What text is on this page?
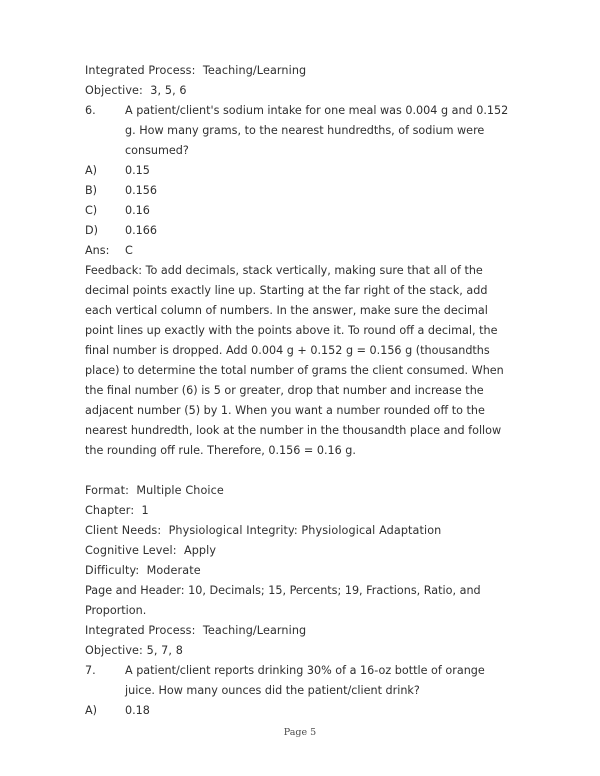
Integrated Process:  Teaching/Learning
Objective:  3, 5, 6
6.	A patient/client's sodium intake for one meal was 0.004 g and 0.152 g. How many grams, to the nearest hundredths, of sodium were consumed?
A)	0.15
B)	0.156
C)	0.16
D)	0.166
Ans:	C

Feedback: To add decimals, stack vertically, making sure that all of the decimal points exactly line up. Starting at the far right of the stack, add each vertical column of numbers. In the answer, make sure the decimal point lines up exactly with the points above it. To round off a decimal, the final number is dropped. Add 0.004 g + 0.152 g = 0.156 g (thousandths place) to determine the total number of grams the client consumed. When the final number (6) is 5 or greater, drop that number and increase the adjacent number (5) by 1. When you want a number rounded off to the nearest hundredth, look at the number in the thousandth place and follow the rounding off rule. Therefore, 0.156 = 0.16 g.

Format:  Multiple Choice
Chapter:  1
Client Needs:  Physiological Integrity: Physiological Adaptation
Cognitive Level:  Apply
Difficulty:  Moderate

Page and Header: 10, Decimals; 15, Percents; 19, Fractions, Ratio, and Proportion.

Integrated Process:  Teaching/Learning
Objective: 5, 7, 8
7.	A patient/client reports drinking 30% of a 16-oz bottle of orange juice. How many ounces did the patient/client drink?
A)	0.18
Page 5
